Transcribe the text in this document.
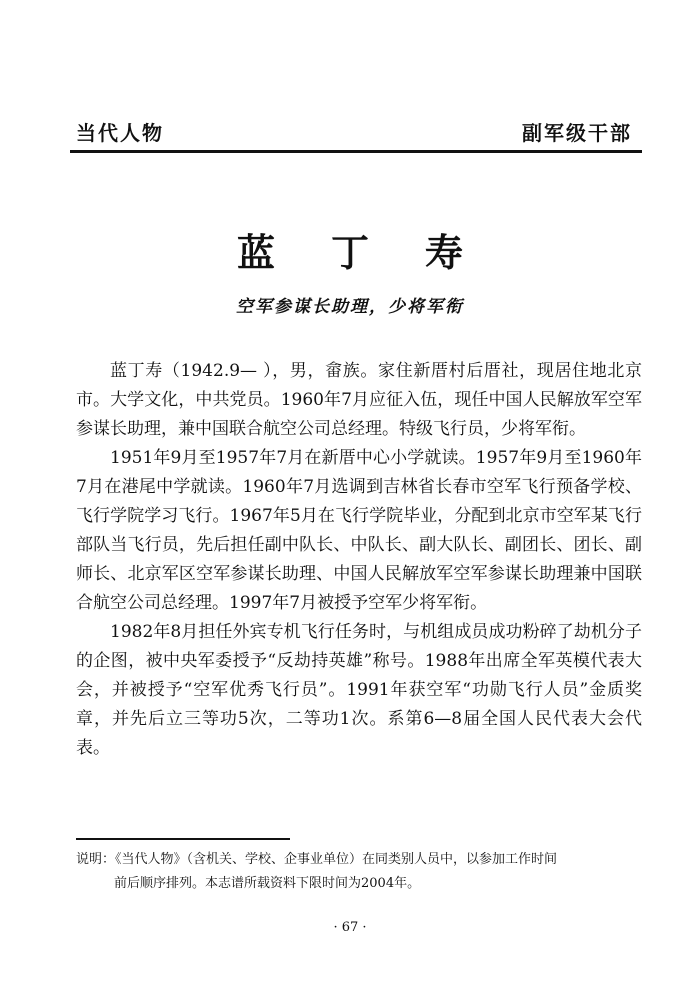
当代人物	副军级干部
蓝丁寿
空军参谋长助理，少将军衔

蓝丁寿（1942.9— ），男，畲族。家住新厝村后厝社，现居住地北京市。大学文化，中共党员。1960年7月应征入伍，现任中国人民解放军空军参谋长助理，兼中国联合航空公司总经理。特级飞行员，少将军衔。

1951年9月至1957年7月在新厝中心小学就读。1957年9月至1960年7月在港尾中学就读。1960年7月选调到吉林省长春市空军飞行预备学校、飞行学院学习飞行。1967年5月在飞行学院毕业，分配到北京市空军某飞行部队当飞行员，先后担任副中队长、中队长、副大队长、副团长、团长、副师长、北京军区空军参谋长助理、中国人民解放军空军参谋长助理兼中国联合航空公司总经理。1997年7月被授予空军少将军衔。

1982年8月担任外宾专机飞行任务时，与机组成员成功粉碎了劫机分子的企图，被中央军委授予“反劫持英雄”称号。1988年出席全军英模代表大会，并被授予“空军优秀飞行员”。1991年获空军“功勋飞行人员”金质奖章，并先后立三等功5次，二等功1次。系第6—8届全国人民代表大会代表。

说明：《当代人物》（含机关、学校、企事业单位）在同类别人员中，以参加工作时间
前后顺序排列。本志谱所载资料下限时间为2004年。
· 67 ·
